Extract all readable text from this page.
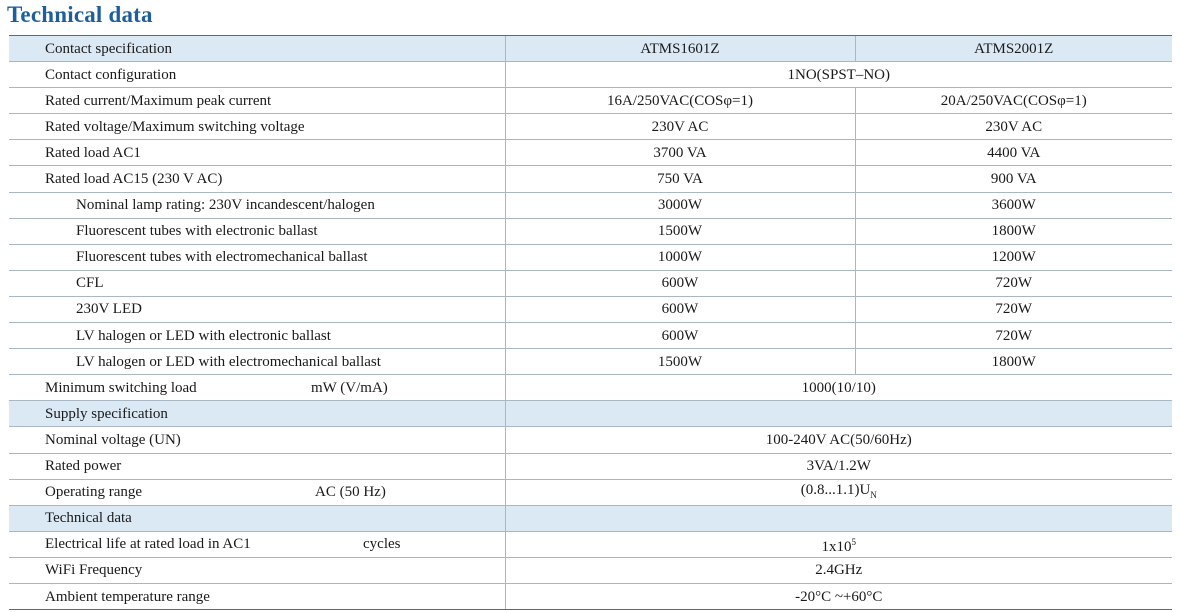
Technical data
Contact specification	ATMS1601Z	ATMS2001Z
Contact configuration	1NO(SPST–NO)	
Rated current/Maximum peak current	16A/250VAC(COSφ=1)	20A/250VAC(COSφ=1)
Rated voltage/Maximum switching voltage	230V AC	230V AC
Rated load AC1	3700 VA	4400 VA
Rated load AC15 (230 V AC)	750 VA	900 VA
Nominal lamp rating: 230V incandescent/halogen	3000W	3600W
Fluorescent tubes with electronic ballast	1500W	1800W
Fluorescent tubes with electromechanical ballast	1000W	1200W
CFL	600W	720W
230V LED	600W	720W
LV halogen or LED with electronic ballast	600W	720W
LV halogen or LED with electromechanical ballast	1500W	1800W
Minimum switching load mW (V/mA)	1000(10/10)	
Supply specification		
Nominal voltage (UN)	100-240V AC(50/60Hz)	
Rated power	3VA/1.2W	
Operating range AC (50 Hz)	$(0.8...1.1)U_N$
Technical data		
Electrical life at rated load in AC1 cycles	$1x10^5$
WiFi Frequency	2.4GHz	
Ambient temperature range	-20°C ~+60°C	
